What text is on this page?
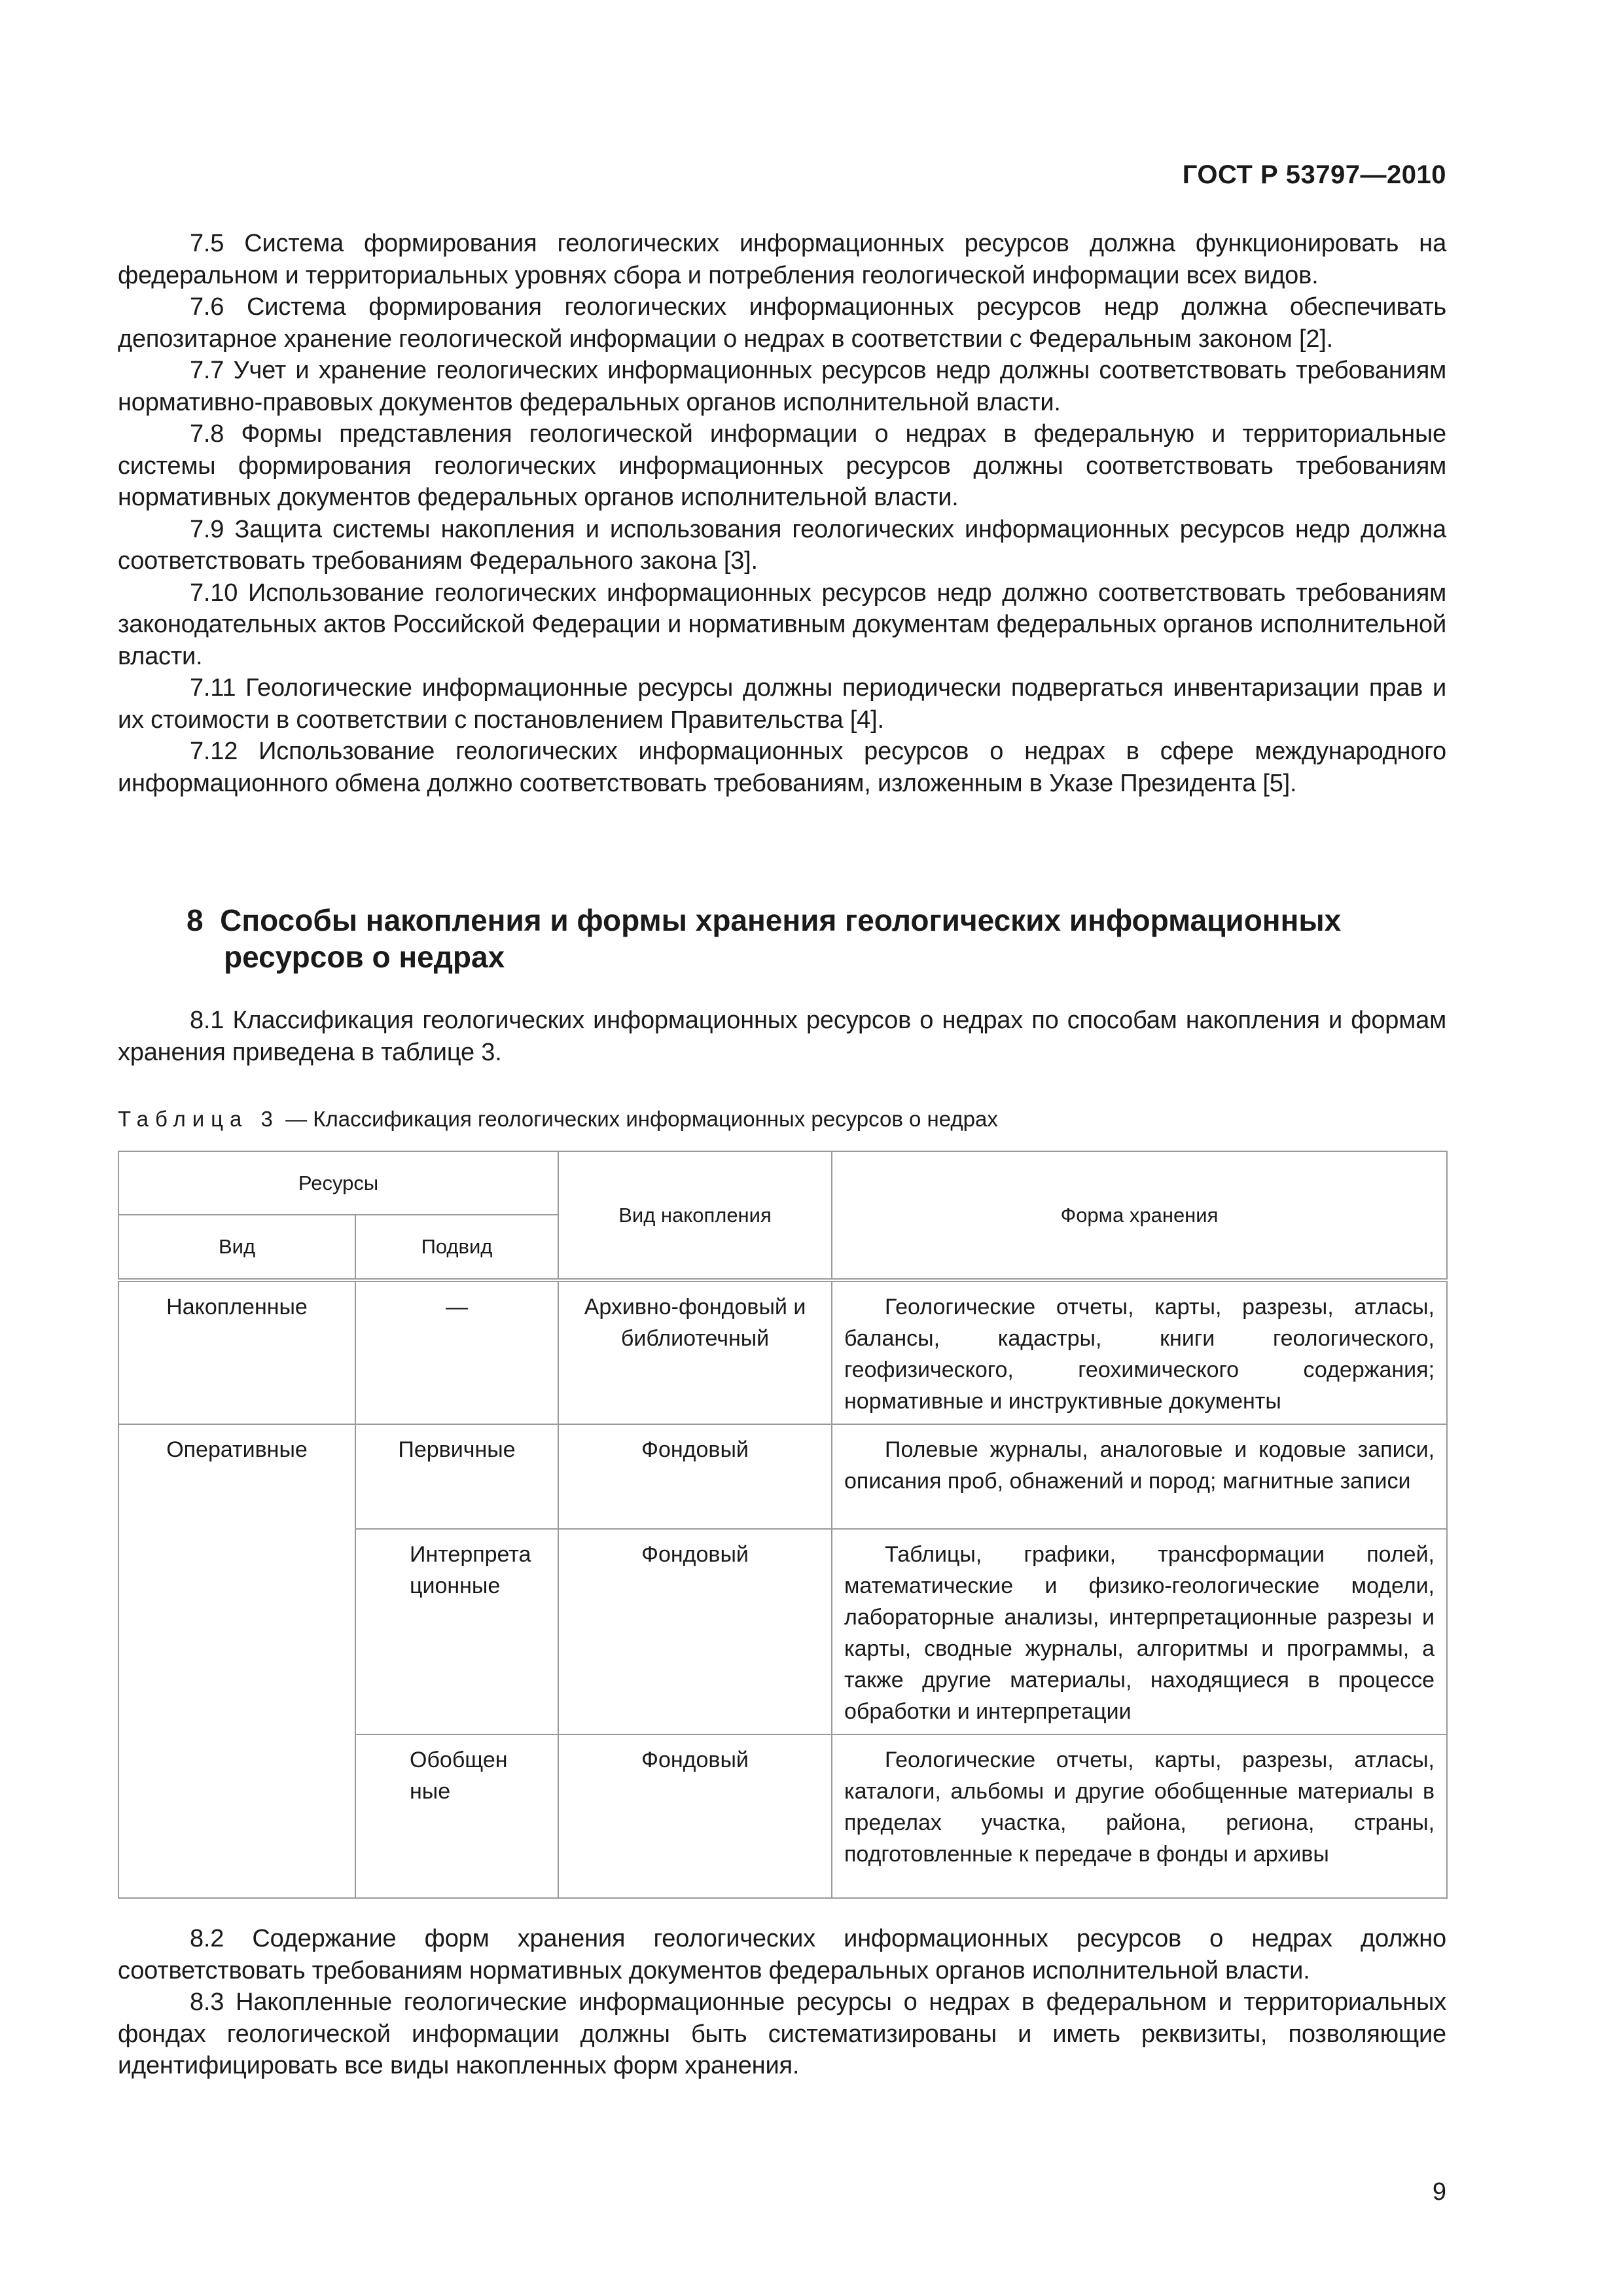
ГОСТ Р 53797—2010

7.5 Система формирования геологических информационных ресурсов должна функционировать на федеральном и территориальных уровнях сбора и потребления геологической информации всех видов.

7.6 Система формирования геологических информационных ресурсов недр должна обеспечивать депозитарное хранение геологической информации о недрах в соответствии с Федеральным законом [2].

7.7 Учет и хранение геологических информационных ресурсов недр должны соответствовать требованиям нормативно-правовых документов федеральных органов исполнительной власти.

7.8 Формы представления геологической информации о недрах в федеральную и территориальные системы формирования геологических информационных ресурсов должны соответствовать требованиям нормативных документов федеральных органов исполнительной власти.

7.9 Защита системы накопления и использования геологических информационных ресурсов недр должна соответствовать требованиям Федерального закона [3].

7.10 Использование геологических информационных ресурсов недр должно соответствовать требованиям законодательных актов Российской Федерации и нормативным документам федеральных органов исполнительной власти.

7.11 Геологические информационные ресурсы должны периодически подвергаться инвентаризации прав и их стоимости в соответствии с постановлением Правительства [4].

7.12 Использование геологических информационных ресурсов о недрах в сфере международного информационного обмена должно соответствовать требованиям, изложенным в Указе Президента [5].

8 Способы накопления и формы хранения геологических информационных ресурсов о недрах

8.1 Классификация геологических информационных ресурсов о недрах по способам накопления и формам хранения приведена в таблице 3.

Таблица 3 — Классификация геологических информационных ресурсов о недрах
Ресурсы		Вид накопления	Форма хранения
Вид	Подвид		

Накопленные	—	Архивно-фондовый и библиотечный	Геологические отчеты, карты, разрезы, атласы, балансы, кадастры, книги геологического, геофизического, геохимического содержания; нормативные и инструктивные документы

Оперативные	Первичные	Фондовый	Полевые журналы, аналоговые и кодовые записи, описания проб, обнажений и пород; магнитные записи

	Интерпретационные	Фондовый	Таблицы, графики, трансформации полей, математические и физико-геологические модели, лабораторные анализы, интерпретационные разрезы и карты, сводные журналы, алгоритмы и программы, а также другие материалы, находящиеся в процессе обработки и интерпретации

	Обобщенные	Фондовый	Геологические отчеты, карты, разрезы, атласы, каталоги, альбомы и другие обобщенные материалы в пределах участка, района, региона, страны, подготовленные к передаче в фонды и архивы

8.2 Содержание форм хранения геологических информационных ресурсов о недрах должно соответствовать требованиям нормативных документов федеральных органов исполнительной власти.

8.3 Накопленные геологические информационные ресурсы о недрах в федеральном и территориальных фондах геологической информации должны быть систематизированы и иметь реквизиты, позволяющие идентифицировать все виды накопленных форм хранения.

9
